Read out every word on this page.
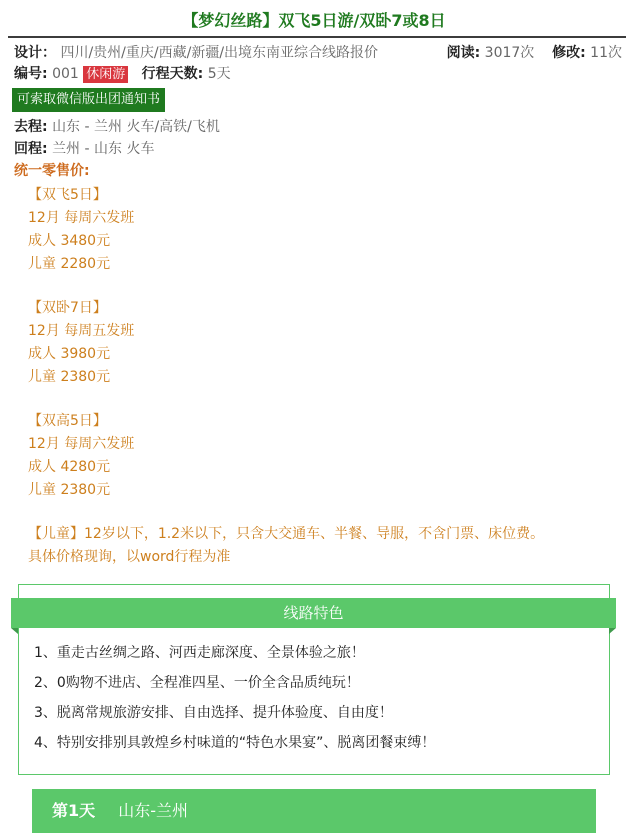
【梦幻丝路】双飞5日游/双卧7或8日
设计： 四川/贵州/重庆/西藏/新疆/出境东南亚综合线路报价	阅读: 3017次 修改: 11次
编号: 001 休闲游 行程天数: 5天
可索取微信版出团通知书
去程: 山东 - 兰州 火车/高铁/飞机
回程: 兰州 - 山东 火车
统一零售价:
【双飞5日】
12月 每周六发班
成人 3480元
儿童 2280元
【双卧7日】
12月 每周五发班
成人 3980元
儿童 2380元
【双高5日】
12月 每周六发班
成人 4280元
儿童 2380元
【儿童】12岁以下，1.2米以下，只含大交通车、半餐、导服，不含门票、床位费。
具体价格现询，以word行程为准
线路特色
1、重走古丝绸之路、河西走廊深度、全景体验之旅！
2、0购物不进店、全程准四星、一价全含品质纯玩！
3、脱离常规旅游安排、自由选择、提升体验度、自由度！
4、特别安排别具敦煌乡村味道的“特色水果宴”、脱离团餐束缚！
第1天 山东-兰州
